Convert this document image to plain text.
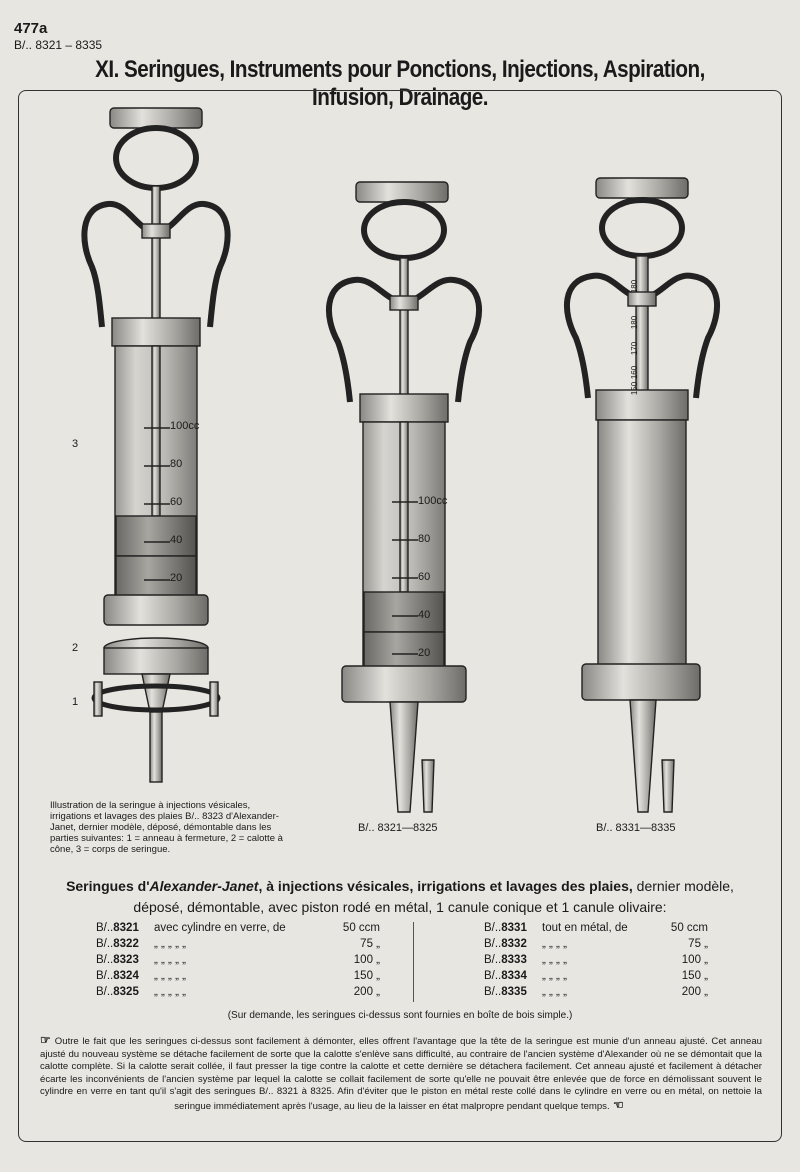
477a
B/.. 8321 – 8335
XI. Seringues, Instruments pour Ponctions, Injections, Aspiration, Infusion, Drainage.
100cc
80
60
40
20
100cc
80
60
40
20
180
180
170
160
150
3
2
1
Illustration de la seringue à injections vésicales, irrigations et lavages des plaies B/.. 8323 d'Alexander-Janet, dernier modèle, déposé, démontable dans les parties suivantes: 1 = anneau à fermeture, 2 = calotte à cône, 3 = corps de seringue.
B/.. 8321—8325	B/.. 8331—8335
Seringues d'Alexander-Janet, à injections vésicales, irrigations et lavages des plaies, dernier modèle, déposé, démontable, avec piston rodé en métal, 1 canule conique et 1 canule olivaire:
B/..8321 avec cylindre en verre, de	50 ccm
B/..8322 „ „ „ „ „	75 „
B/..8323 „ „ „ „ „	100 „
B/..8324 „ „ „ „ „	150 „
B/..8325 „ „ „ „ „	200 „
B/..8331 tout en métal, de	50 ccm
B/..8332 „ „ „ „	75 „
B/..8333 „ „ „ „	100 „
B/..8334 „ „ „ „	150 „
B/..8335 „ „ „ „	200 „
(Sur demande, les seringues ci-dessus sont fournies en boîte de bois simple.)
☞ Outre le fait que les seringues ci-dessus sont facilement à démonter, elles offrent l'avantage que la tête de la seringue est munie d'un anneau ajusté. Cet anneau ajusté du nouveau système se détache facilement de sorte que la calotte s'enlève sans difficulté, au contraire de l'ancien système d'Alexander où ne se démontait que la calotte complète. Si la calotte serait collée, il faut presser la tige contre la calotte et cette dernière se détachera facilement. Cet anneau ajusté et facilement à détacher écarte les inconvénients de l'ancien système par lequel la calotte se collait facilement de sorte qu'elle ne pouvait être enlevée que de force en démolissant souvent le cylindre en verre en tant qu'il s'agit des seringues B/.. 8321 à 8325. Afin d'éviter que le piston en métal reste collé dans le cylindre en verre ou en métal, on nettoie la seringue immédiatement après l'usage, au lieu de la laisser en état malpropre pendant quelque temps. ☜
